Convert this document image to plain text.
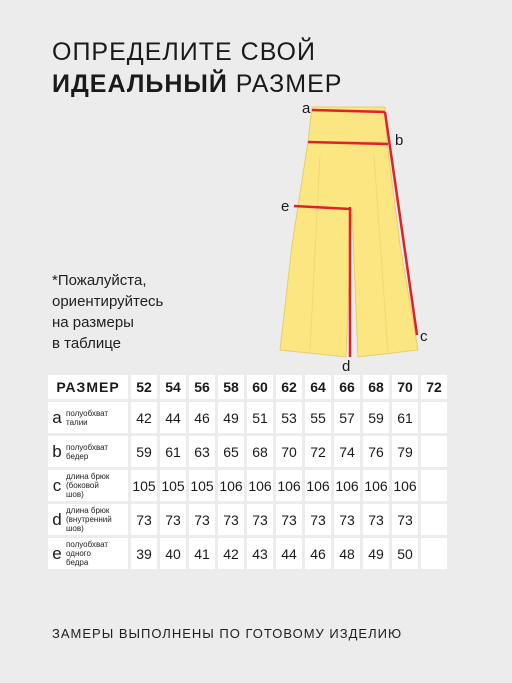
ОПРЕДЕЛИТЕ СВОЙ
ИДЕАЛЬНЫЙ РАЗМЕР
*Пожалуйста,
ориентируйтесь
на размеры
в таблице
a
b
e
c
d
РАЗМЕР	52	54	56	58	60	62	64	66	68	70	72

a полуобхват
талии	42	44	46	49	51	53	55	57	59	61	

b полуобхват
бедер	59	61	63	65	68	70	72	74	76	79	

c длина брюк
(боковой
шов)	105	105	105	106	106	106	106	106	106	106	

d длина брюк
(внутренний
шов)	73	73	73	73	73	73	73	73	73	73	

e полуобхват
одного
бедра	39	40	41	42	43	44	46	48	49	50	
ЗАМЕРЫ ВЫПОЛНЕНЫ ПО ГОТОВОМУ ИЗДЕЛИЮ
